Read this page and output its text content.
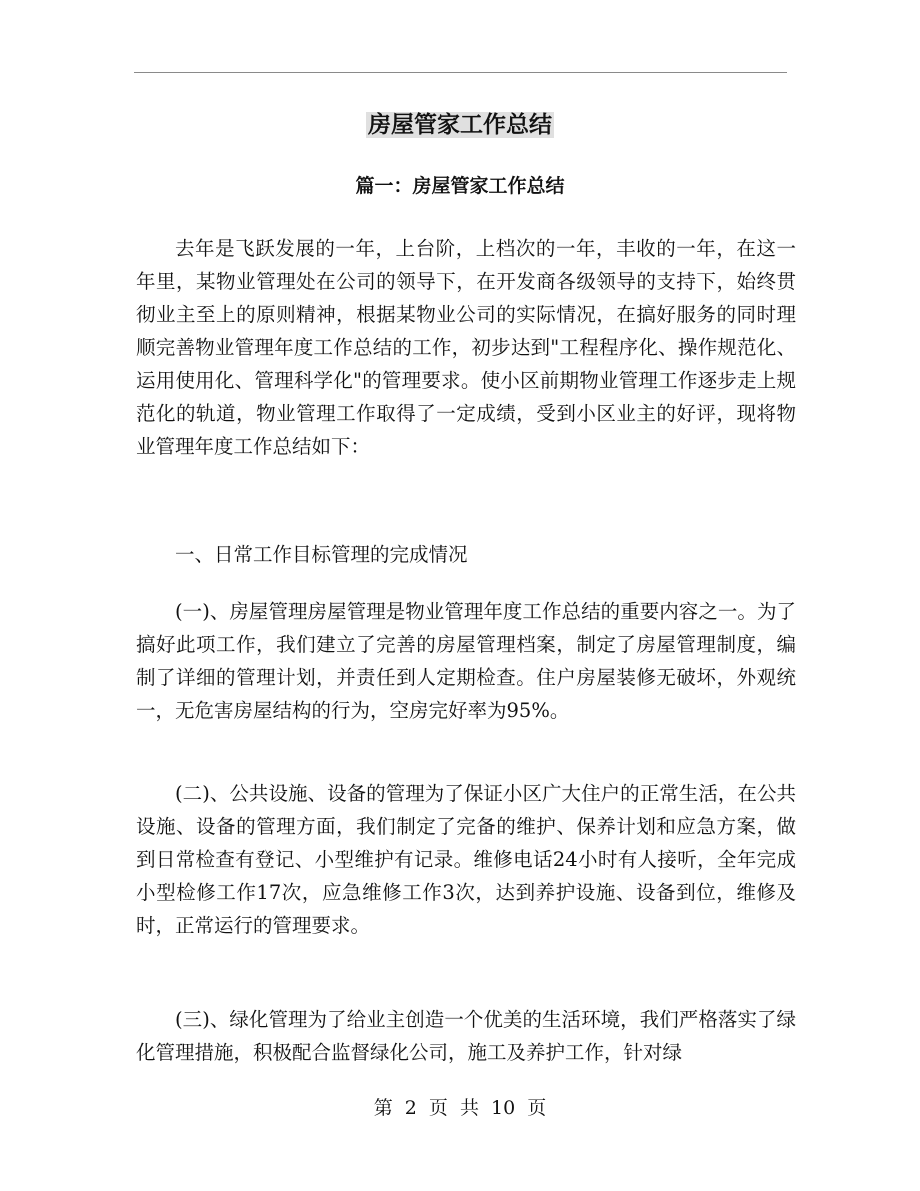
房屋管家工作总结
篇一：房屋管家工作总结

去年是飞跃发展的一年，上台阶，上档次的一年，丰收的一年，在这一年里，某物业管理处在公司的领导下，在开发商各级领导的支持下，始终贯彻业主至上的原则精神，根据某物业公司的实际情况，在搞好服务的同时理顺完善物业管理年度工作总结的工作，初步达到"工程程序化、操作规范化、运用使用化、管理科学化"的管理要求。使小区前期物业管理工作逐步走上规范化的轨道，物业管理工作取得了一定成绩，受到小区业主的好评，现将物业管理年度工作总结如下：

一、日常工作目标管理的完成情况

(一)、房屋管理房屋管理是物业管理年度工作总结的重要内容之一。为了搞好此项工作，我们建立了完善的房屋管理档案，制定了房屋管理制度，编制了详细的管理计划，并责任到人定期检查。住户房屋装修无破坏，外观统一，无危害房屋结构的行为，空房完好率为95%。

(二)、公共设施、设备的管理为了保证小区广大住户的正常生活，在公共设施、设备的管理方面，我们制定了完备的维护、保养计划和应急方案，做到日常检查有登记、小型维护有记录。维修电话24小时有人接听，全年完成小型检修工作17次，应急维修工作3次，达到养护设施、设备到位，维修及时，正常运行的管理要求。

(三)、绿化管理为了给业主创造一个优美的生活环境，我们严格落实了绿化管理措施，积极配合监督绿化公司，施工及养护工作，针对绿

第 2 页 共 10 页
